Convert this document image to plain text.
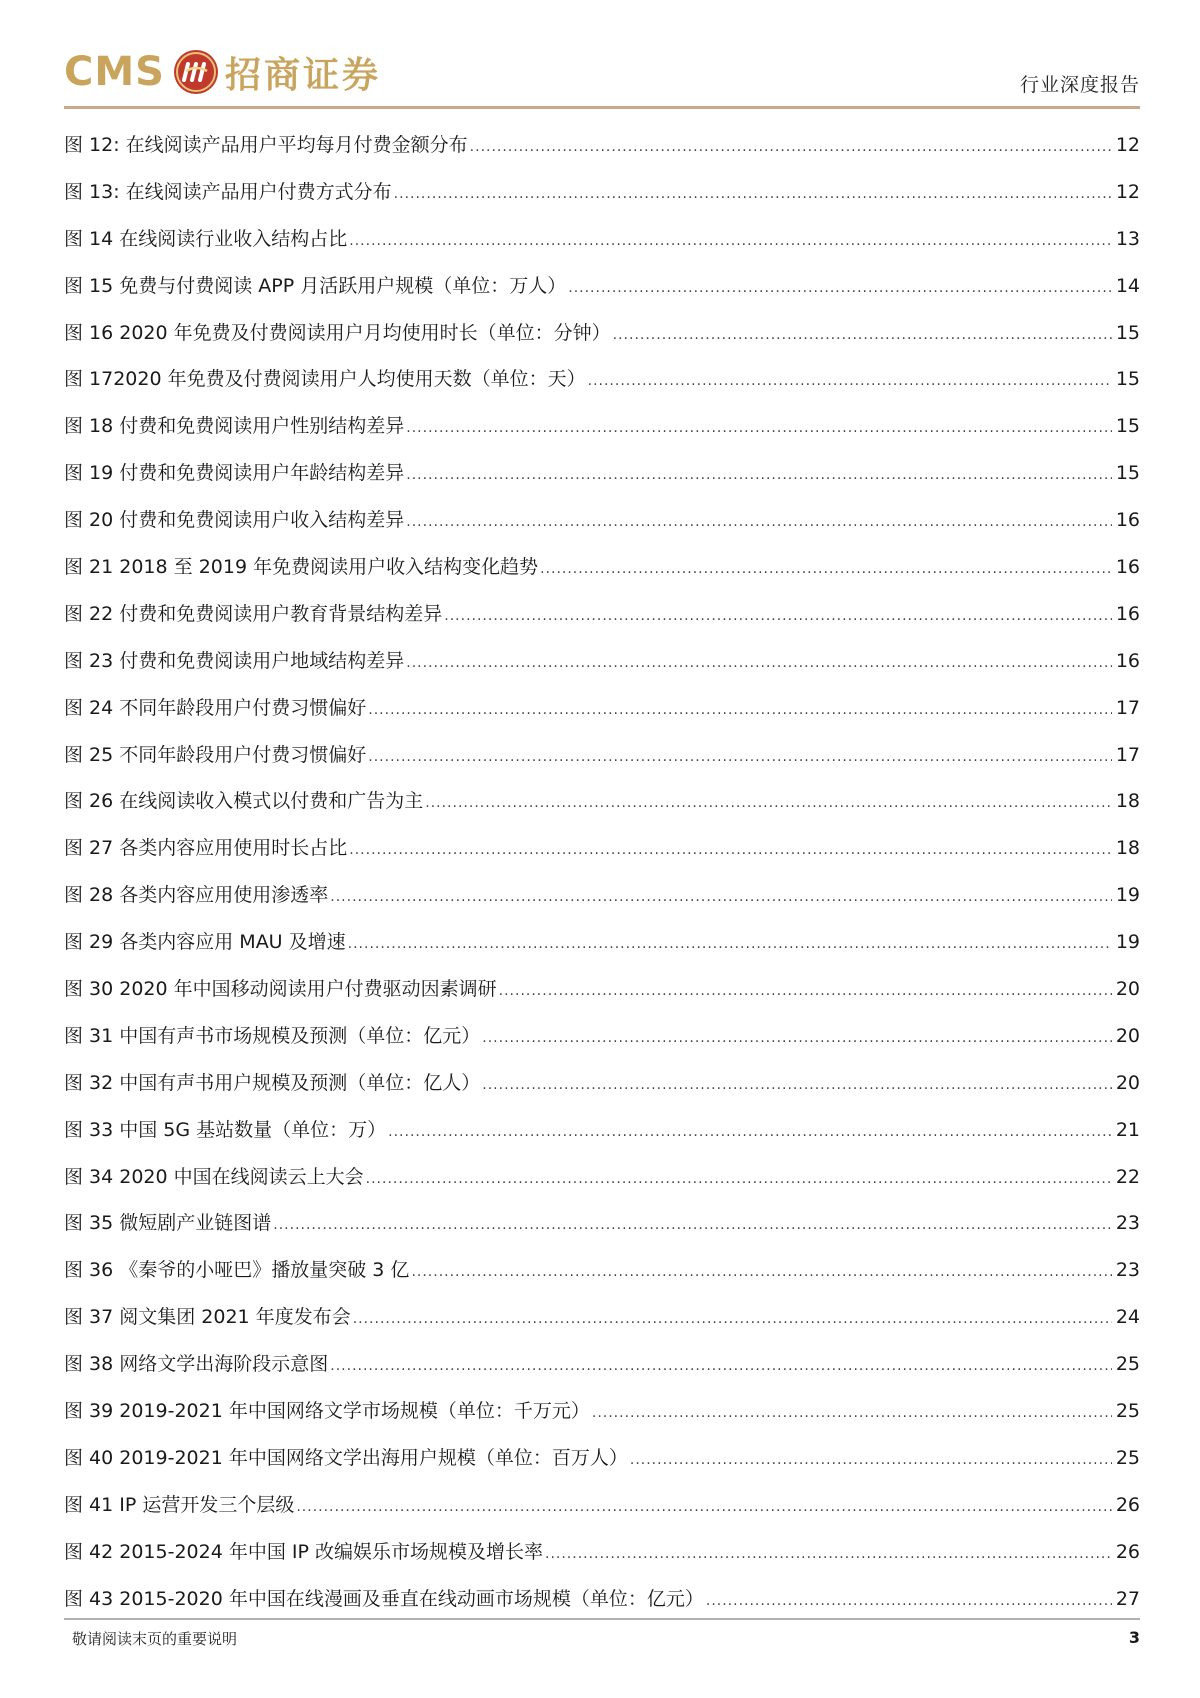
CMS 招商证券	行业深度报告
图 12: 在线阅读产品用户平均每月付费金额分布 .....	12
图 13: 在线阅读产品用户付费方式分布 .....	12
图 14 在线阅读行业收入结构占比 .....	13
图 15 免费与付费阅读 APP 月活跃用户规模（单位：万人） .....	14
图 16 2020 年免费及付费阅读用户月均使用时长（单位：分钟） .....	15
图 172020 年免费及付费阅读用户人均使用天数（单位：天） .....	15
图 18 付费和免费阅读用户性别结构差异 .....	15
图 19 付费和免费阅读用户年龄结构差异 .....	15
图 20 付费和免费阅读用户收入结构差异 .....	16
图 21 2018 至 2019 年免费阅读用户收入结构变化趋势 .....	16
图 22 付费和免费阅读用户教育背景结构差异 .....	16
图 23 付费和免费阅读用户地域结构差异 .....	16
图 24 不同年龄段用户付费习惯偏好 .....	17
图 25 不同年龄段用户付费习惯偏好 .....	17
图 26 在线阅读收入模式以付费和广告为主 .....	18
图 27 各类内容应用使用时长占比 .....	18
图 28 各类内容应用使用渗透率 .....	19
图 29 各类内容应用 MAU 及增速 .....	19
图 30 2020 年中国移动阅读用户付费驱动因素调研 .....	20
图 31 中国有声书市场规模及预测（单位：亿元） .....	20
图 32 中国有声书用户规模及预测（单位：亿人） .....	20
图 33 中国 5G 基站数量（单位：万） .....	21
图 34 2020 中国在线阅读云上大会 .....	22
图 35 微短剧产业链图谱 .....	23
图 36 《秦爷的小哑巴》播放量突破 3 亿 .....	23
图 37 阅文集团 2021 年度发布会 .....	24
图 38 网络文学出海阶段示意图 .....	25
图 39 2019-2021 年中国网络文学市场规模（单位：千万元） .....	25
图 40 2019-2021 年中国网络文学出海用户规模（单位：百万人） .....	25
图 41 IP 运营开发三个层级 .....	26
图 42 2015-2024 年中国 IP 改编娱乐市场规模及增长率 .....	26
图 43 2015-2020 年中国在线漫画及垂直在线动画市场规模（单位：亿元） .....	27
敬请阅读末页的重要说明	3
